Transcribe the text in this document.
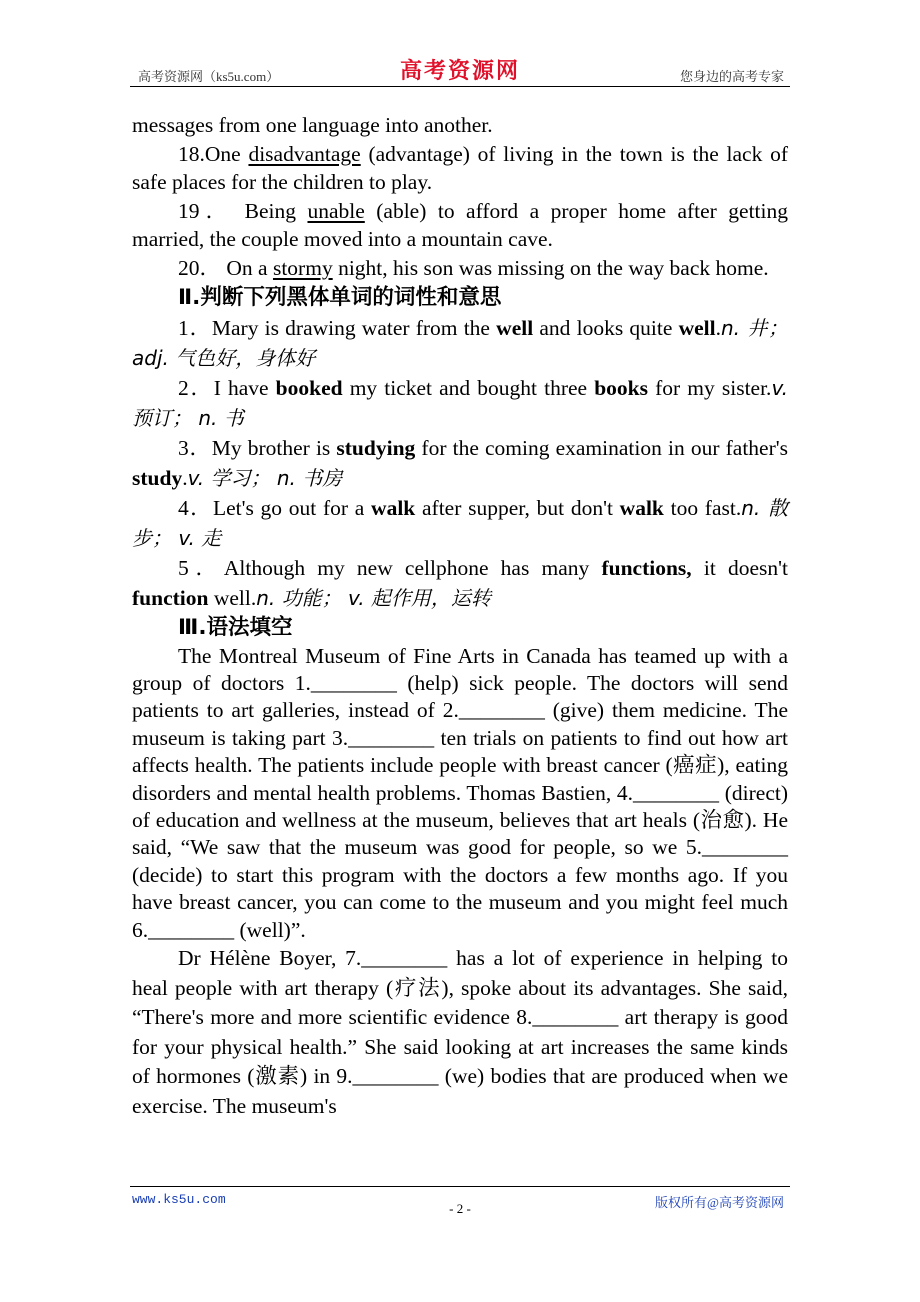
高考资源网（ks5u.com）	高考资源网	您身边的高考专家

messages from one language into another.

18.One disadvantage (advantage) of living in the town is the lack of safe places for the children to play.

19． Being unable (able) to afford a proper home after getting married, the couple moved into a mountain cave.

20． On a stormy night, his son was missing on the way back home.

Ⅱ.判断下列黑体单词的词性和意思

1．Mary is drawing water from the well and looks quite well.n. 井； adj. 气色好，身体好

2．I have booked my ticket and bought three books for my sister.v. 预订； n. 书

3．My brother is studying for the coming examination in our father's study.v. 学习； n. 书房

4．Let's go out for a walk after supper, but don't walk too fast.n. 散步； v. 走

5．Although my new cellphone has many functions, it doesn't function well.n. 功能； v. 起作用，运转

Ⅲ.语法填空

The Montreal Museum of Fine Arts in Canada has teamed up with a group of doctors 1.________ (help) sick people. The doctors will send patients to art galleries, instead of 2.________ (give) them medicine. The museum is taking part 3.________ ten trials on patients to find out how art affects health. The patients include people with breast cancer (癌症), eating disorders and mental health problems. Thomas Bastien, 4.________ (direct) of education and wellness at the museum, believes that art heals (治愈). He said, “We saw that the museum was good for people, so we 5.________ (decide) to start this program with the doctors a few months ago. If you have breast cancer, you can come to the museum and you might feel much 6.________ (well)”.

Dr Hélène Boyer, 7.________ has a lot of experience in helping to heal people with art therapy (疗法), spoke about its advantages. She said, “There's more and more scientific evidence 8.________ art therapy is good for your physical health.” She said looking at art increases the same kinds of hormones (激素) in 9.________ (we) bodies that are produced when we exercise. The museum's

www.ks5u.com
- 2 -	版权所有@高考资源网
